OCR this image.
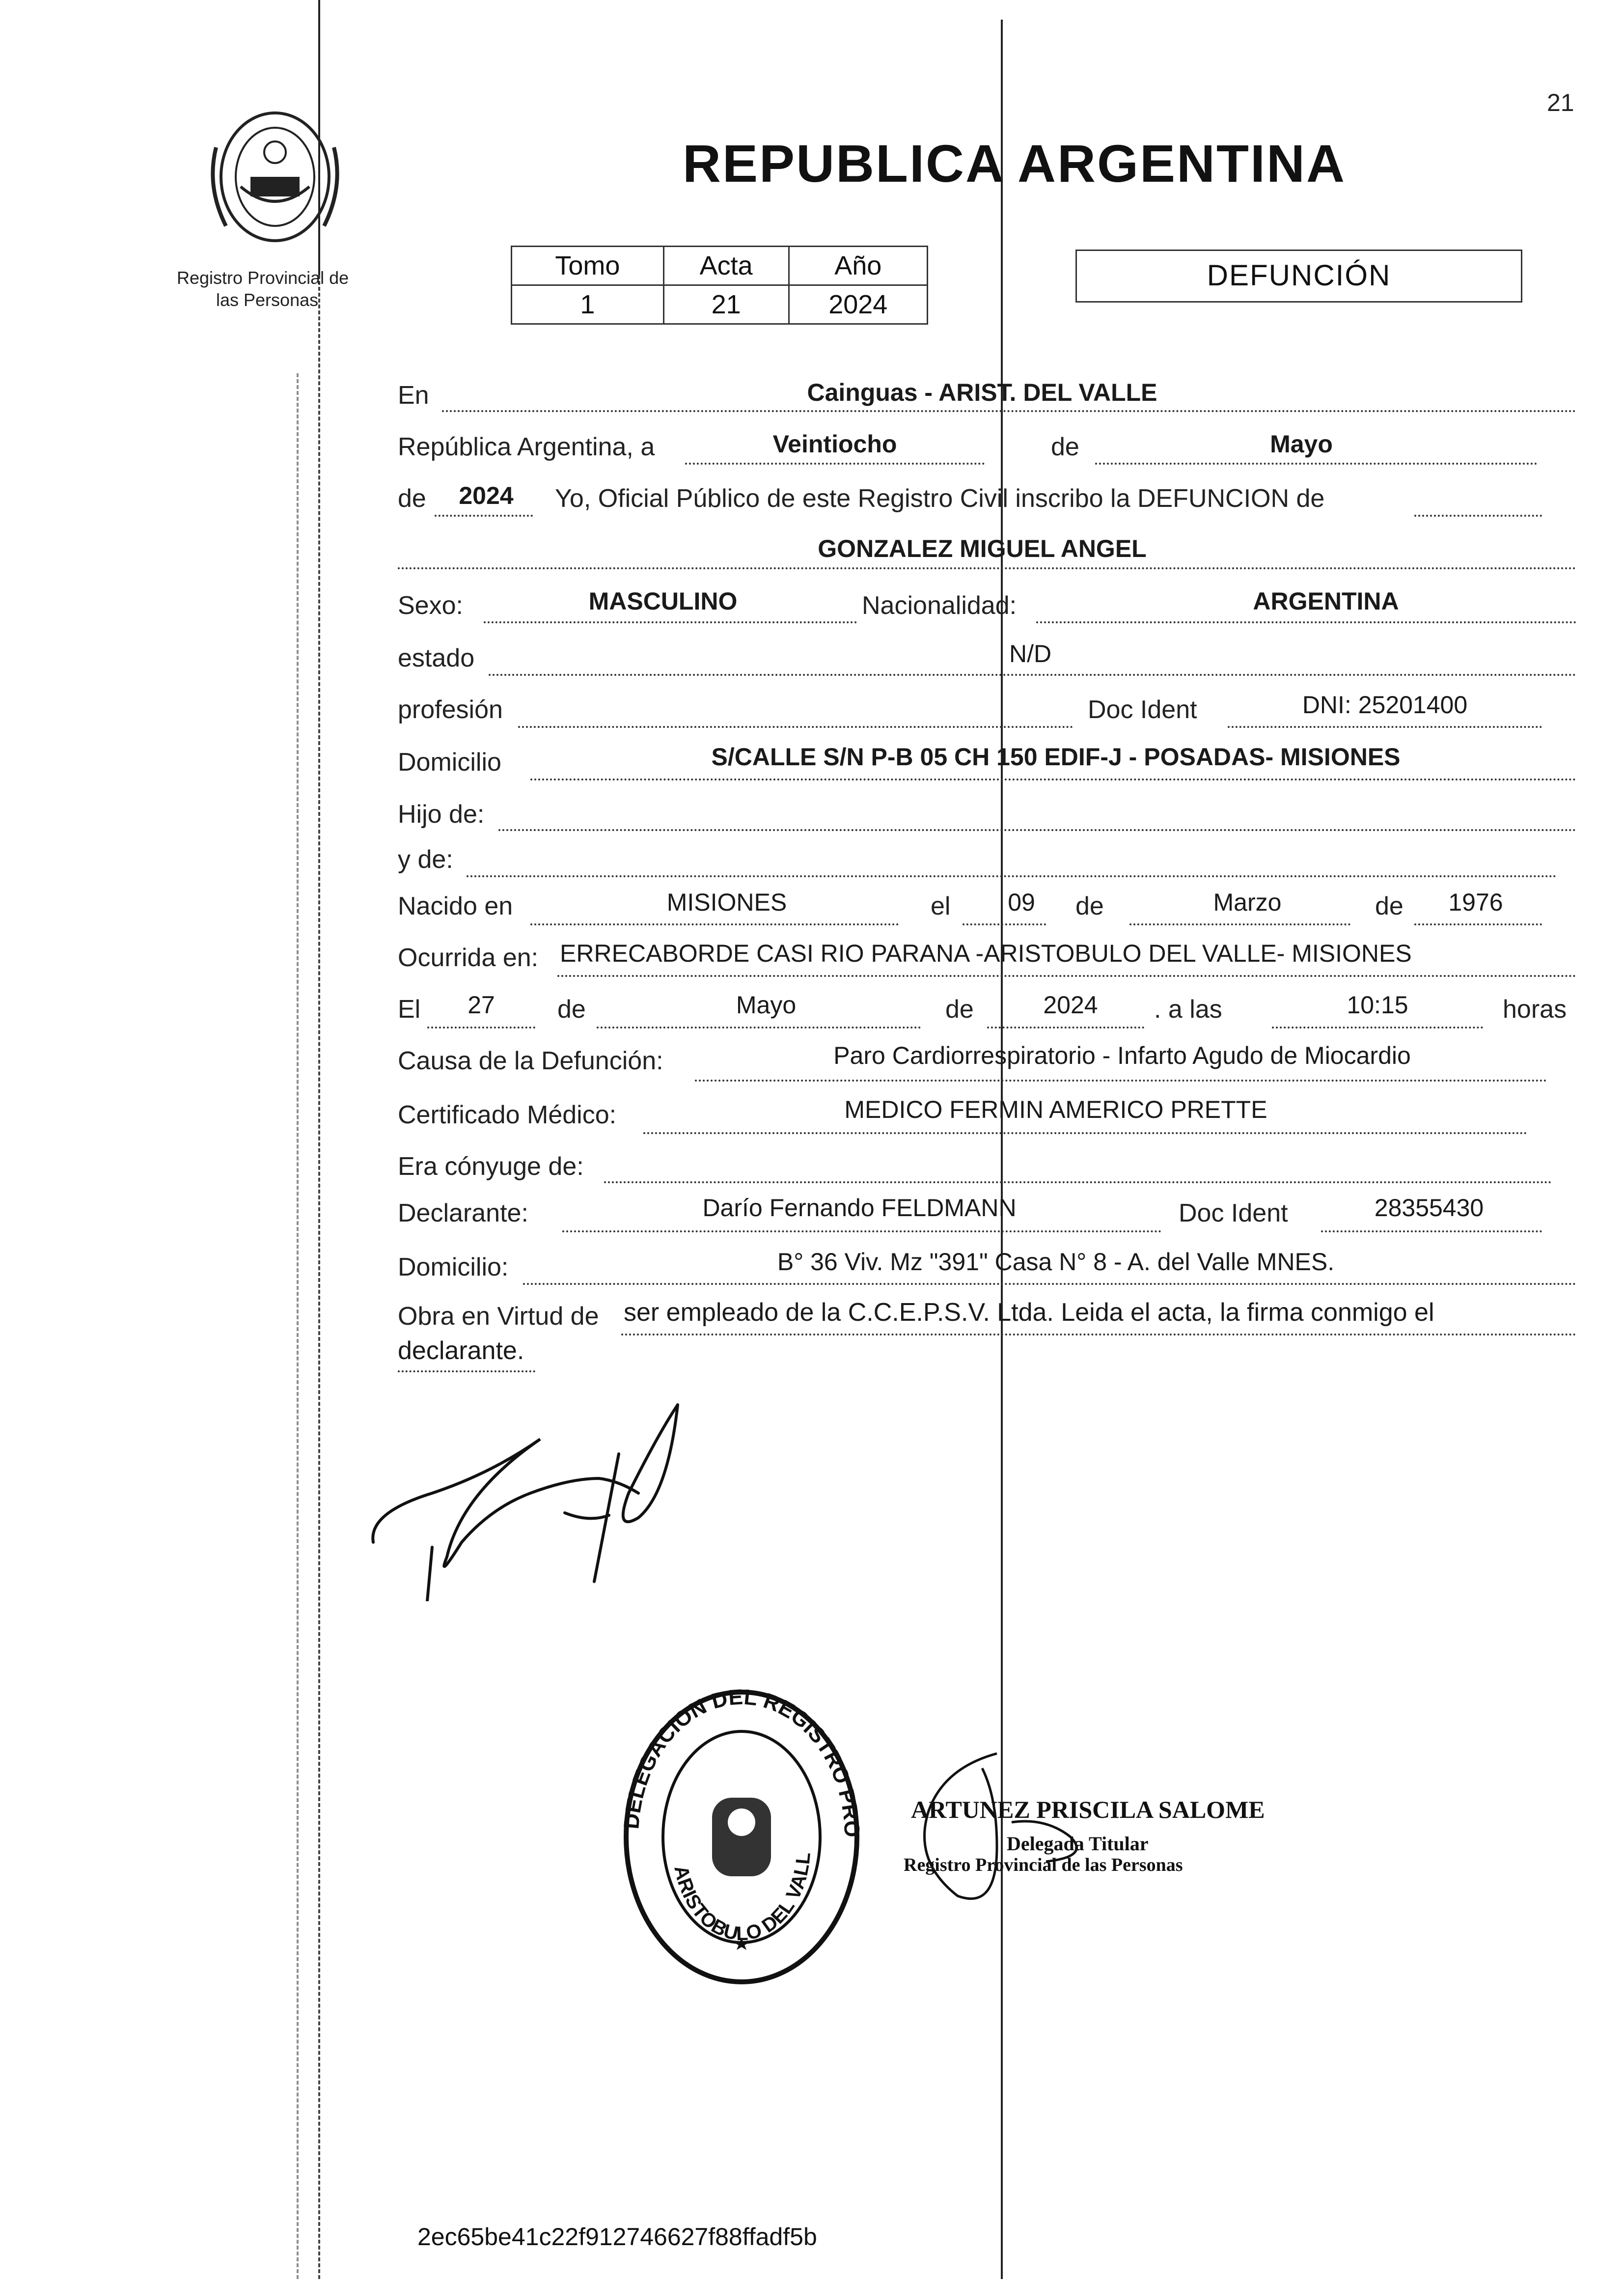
21
Registro Provincial de
las Personas
REPUBLICA ARGENTINA
Tomo	Acta	Año
1	21	2024
DEFUNCIÓN
En	Cainguas - ARIST. DEL VALLE
República Argentina, a	Veintiocho	de	Mayo
de	2024	Yo, Oficial Público de este Registro Civil inscribo la DEFUNCION de
GONZALEZ MIGUEL ANGEL
Sexo:	MASCULINO	Nacionalidad:	ARGENTINA
estado	N/D
profesión	Doc Ident	DNI: 25201400
Domicilio	S/CALLE S/N P-B 05 CH 150 EDIF-J - POSADAS- MISIONES
Hijo de:
y de:
Nacido en	MISIONES	el	09	de	Marzo	de	1976
Ocurrida en: ERRECABORDE CASI RIO PARANA -ARISTOBULO DEL VALLE- MISIONES
El	27	de	Mayo	de	2024	. a las	10:15	horas
Causa de la Defunción:	Paro Cardiorrespiratorio - Infarto Agudo de Miocardio
Certificado Médico:	MEDICO FERMIN AMERICO PRETTE
Era cónyuge de:
Declarante:	Darío Fernando FELDMANN	Doc Ident	28355430
Domicilio:	B° 36 Viv. Mz "391" Casa N° 8 - A. del Valle MNES.
Obra en Virtud de ser empleado de la C.C.E.P.S.V. Ltda. Leida el acta, la firma conmigo el
declarante.
DELEGACION DEL REGISTRO PRO
ARISTOBULO DEL VALL
ARTUNEZ PRISCILA SALOME
Delegada Titular
Registro Provincial de las Personas
2ec65be41c22f912746627f88ffadf5b
